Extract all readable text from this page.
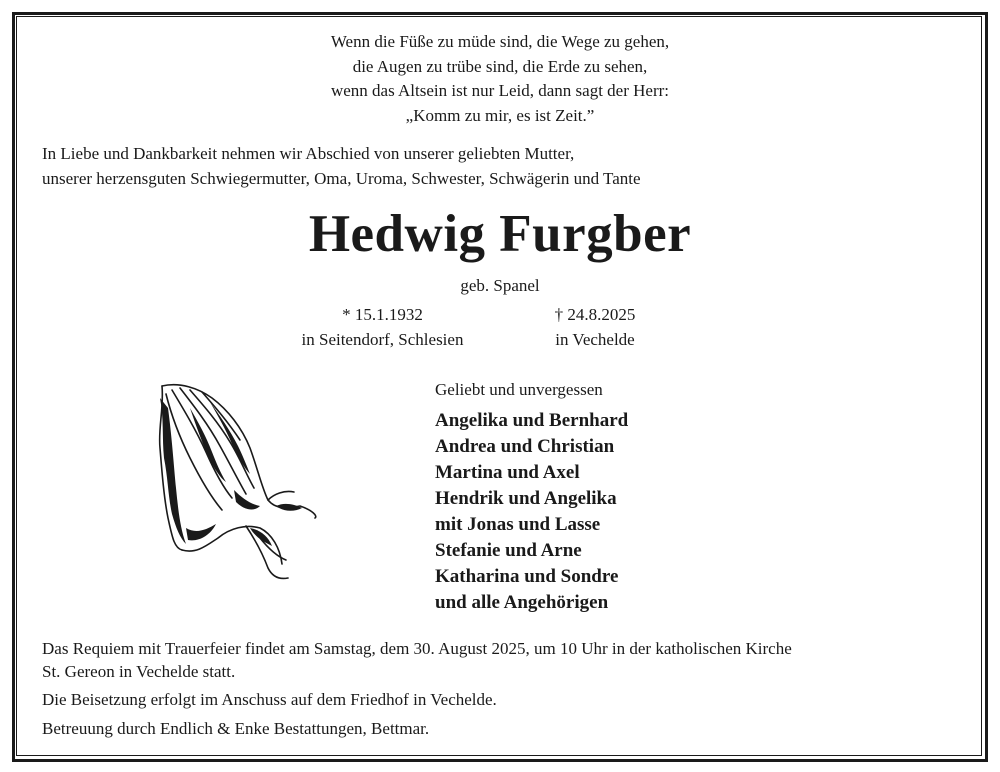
Wenn die Füße zu müde sind, die Wege zu gehen,
die Augen zu trübe sind, die Erde zu sehen,
wenn das Altsein ist nur Leid, dann sagt der Herr:
„Komm zu mir, es ist Zeit.”
In Liebe und Dankbarkeit nehmen wir Abschied von unserer geliebten Mutter,
unserer herzensguten Schwiegermutter, Oma, Uroma, Schwester, Schwägerin und Tante
Hedwig Furgber
geb. Spanel
* 15.1.1932
in Seitendorf, Schlesien
† 24.8.2025
in Vechelde
Geliebt und unvergessen
Angelika und Bernhard
Andrea und Christian
Martina und Axel
Hendrik und Angelika
mit Jonas und Lasse
Stefanie und Arne
Katharina und Sondre
und alle Angehörigen
Das Requiem mit Trauerfeier findet am Samstag, dem 30. August 2025, um 10 Uhr in der katholischen Kirche St. Gereon in Vechelde statt.
Die Beisetzung erfolgt im Anschuss auf dem Friedhof in Vechelde.
Betreuung durch Endlich & Enke Bestattungen, Bettmar.
